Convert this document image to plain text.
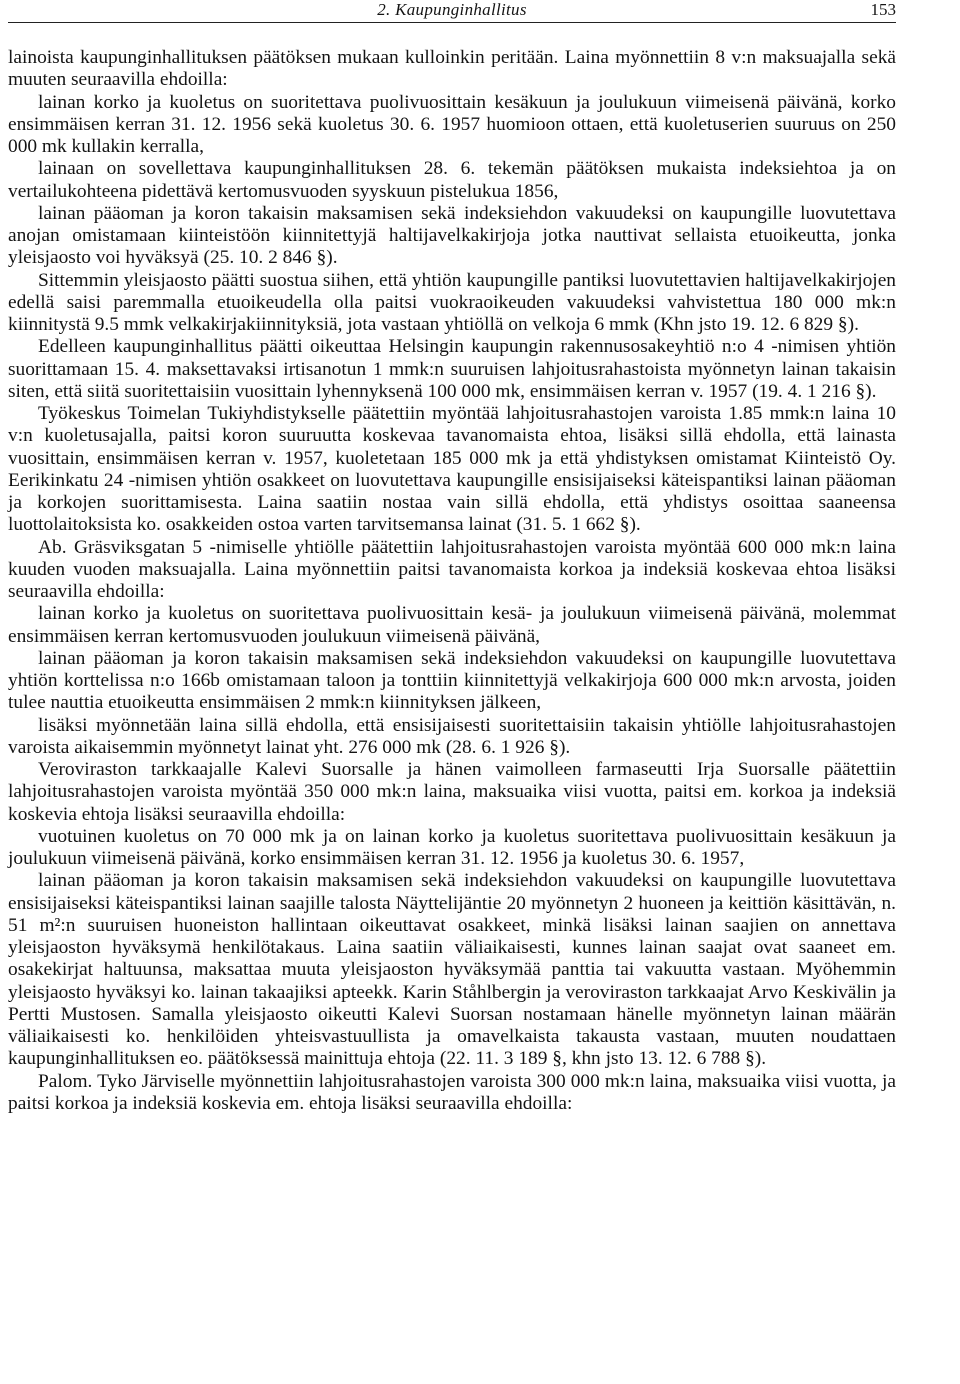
2. Kaupunginhallitus	153

lainoista kaupunginhallituksen päätöksen mukaan kulloinkin peritään. Laina myönnettiin 8 v:n maksuajalla sekä muuten seuraavilla ehdoilla:

lainan korko ja kuoletus on suoritettava puolivuosittain kesäkuun ja joulukuun viimeisenä päivänä, korko ensimmäisen kerran 31. 12. 1956 sekä kuoletus 30. 6. 1957 huomioon ottaen, että kuoletuserien suuruus on 250 000 mk kullakin kerralla,

lainaan on sovellettava kaupunginhallituksen 28. 6. tekemän päätöksen mukaista indeksiehtoa ja on vertailukohteena pidettävä kertomusvuoden syyskuun pistelukua 1856,

lainan pääoman ja koron takaisin maksamisen sekä indeksiehdon vakuudeksi on kaupungille luovutettava anojan omistamaan kiinteistöön kiinnitettyjä haltijavelkakirjoja jotka nauttivat sellaista etuoikeutta, jonka yleisjaosto voi hyväksyä (25. 10. 2 846 §).

Sittemmin yleisjaosto päätti suostua siihen, että yhtiön kaupungille pantiksi luovutettavien haltijavelkakirjojen edellä saisi paremmalla etuoikeudella olla paitsi vuokraoikeuden vakuudeksi vahvistettua 180 000 mk:n kiinnitystä 9.5 mmk velkakirjakiinnityksiä, jota vastaan yhtiöllä on velkoja 6 mmk (Khn jsto 19. 12. 6 829 §).

Edelleen kaupunginhallitus päätti oikeuttaa Helsingin kaupungin rakennusosakeyhtiö n:o 4 -nimisen yhtiön suorittamaan 15. 4. maksettavaksi irtisanotun 1 mmk:n suuruisen lahjoitusrahastoista myönnetyn lainan takaisin siten, että siitä suoritettaisiin vuosittain lyhennyksenä 100 000 mk, ensimmäisen kerran v. 1957 (19. 4. 1 216 §).

Työkeskus Toimelan Tukiyhdistykselle päätettiin myöntää lahjoitusrahastojen varoista 1.85 mmk:n laina 10 v:n kuoletusajalla, paitsi koron suuruutta koskevaa tavanomaista ehtoa, lisäksi sillä ehdolla, että lainasta vuosittain, ensimmäisen kerran v. 1957, kuoletetaan 185 000 mk ja että yhdistyksen omistamat Kiinteistö Oy. Eerikinkatu 24 -nimisen yhtiön osakkeet on luovutettava kaupungille ensisijaiseksi käteispantiksi lainan pääoman ja korkojen suorittamisesta. Laina saatiin nostaa vain sillä ehdolla, että yhdistys osoittaa saaneensa luottolaitoksista ko. osakkeiden ostoa varten tarvitsemansa lainat (31. 5. 1 662 §).

Ab. Gräsviksgatan 5 -nimiselle yhtiölle päätettiin lahjoitusrahastojen varoista myöntää 600 000 mk:n laina kuuden vuoden maksuajalla. Laina myönnettiin paitsi tavanomaista korkoa ja indeksiä koskevaa ehtoa lisäksi seuraavilla ehdoilla:

lainan korko ja kuoletus on suoritettava puolivuosittain kesä- ja joulukuun viimeisenä päivänä, molemmat ensimmäisen kerran kertomusvuoden joulukuun viimeisenä päivänä,

lainan pääoman ja koron takaisin maksamisen sekä indeksiehdon vakuudeksi on kaupungille luovutettava yhtiön korttelissa n:o 166b omistamaan taloon ja tonttiin kiinnitettyjä velkakirjoja 600 000 mk:n arvosta, joiden tulee nauttia etuoikeutta ensimmäisen 2 mmk:n kiinnityksen jälkeen,

lisäksi myönnetään laina sillä ehdolla, että ensisijaisesti suoritettaisiin takaisin yhtiölle lahjoitusrahastojen varoista aikaisemmin myönnetyt lainat yht. 276 000 mk (28. 6. 1 926 §).

Veroviraston tarkkaajalle Kalevi Suorsalle ja hänen vaimolleen farmaseutti Irja Suorsalle päätettiin lahjoitusrahastojen varoista myöntää 350 000 mk:n laina, maksuaika viisi vuotta, paitsi em. korkoa ja indeksiä koskevia ehtoja lisäksi seuraavilla ehdoilla:

vuotuinen kuoletus on 70 000 mk ja on lainan korko ja kuoletus suoritettava puolivuosittain kesäkuun ja joulukuun viimeisenä päivänä, korko ensimmäisen kerran 31. 12. 1956 ja kuoletus 30. 6. 1957,

lainan pääoman ja koron takaisin maksamisen sekä indeksiehdon vakuudeksi on kaupungille luovutettava ensisijaiseksi käteispantiksi lainan saajille talosta Näyttelijäntie 20 myönnetyn 2 huoneen ja keittiön käsittävän, n. 51 m²:n suuruisen huoneiston hallintaan oikeuttavat osakkeet, minkä lisäksi lainan saajien on annettava yleisjaoston hyväksymä henkilötakaus. Laina saatiin väliaikaisesti, kunnes lainan saajat ovat saaneet em. osakekirjat haltuunsa, maksattaa muuta yleisjaoston hyväksymää panttia tai vakuutta vastaan. Myöhemmin yleisjaosto hyväksyi ko. lainan takaajiksi apteekk. Karin Ståhlbergin ja veroviraston tarkkaajat Arvo Keskivälin ja Pertti Mustosen. Samalla yleisjaosto oikeutti Kalevi Suorsan nostamaan hänelle myönnetyn lainan määrän väliaikaisesti ko. henkilöiden yhteisvastuullista ja omavelkaista takausta vastaan, muuten noudattaen kaupunginhallituksen eo. päätöksessä mainittuja ehtoja (22. 11. 3 189 §, khn jsto 13. 12. 6 788 §).

Palom. Tyko Järviselle myönnettiin lahjoitusrahastojen varoista 300 000 mk:n laina, maksuaika viisi vuotta, ja paitsi korkoa ja indeksiä koskevia em. ehtoja lisäksi seuraavilla ehdoilla:
